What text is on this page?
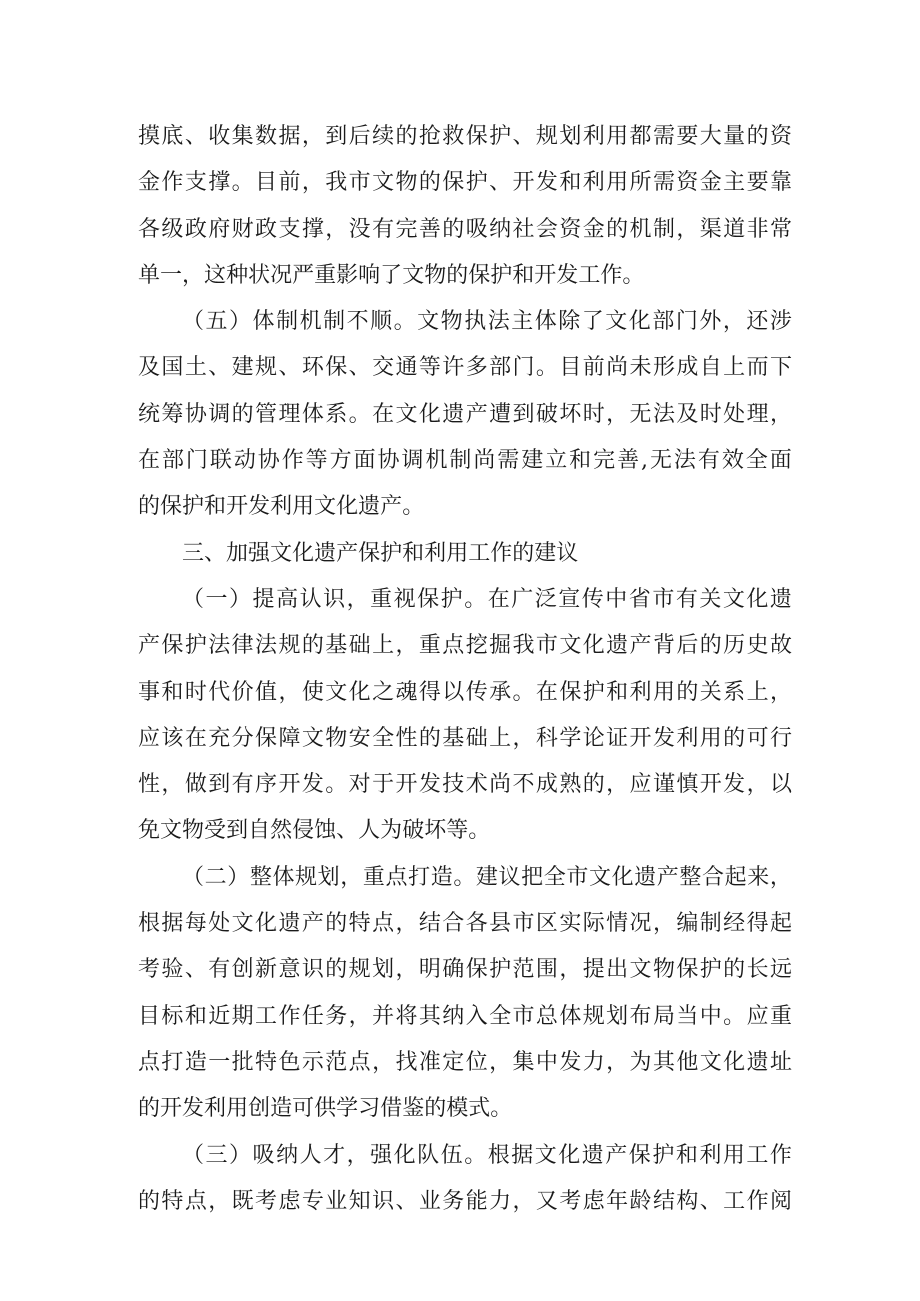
摸 底 、 收 集 数 据 ， 到 后 续 的 抢 救 保 护 、 规 划 利 用 都 需 要 大 量 的 资
金 作 支 撑 。 目 前 ， 我 市 文 物 的 保 护 、 开 发 和 利 用 所 需 资 金 主 要 靠
各 级 政 府 财 政 支 撑 ， 没 有 完 善 的 吸 纳 社 会 资 金 的 机 制 ， 渠 道 非 常
单 一 ， 这 种 状 况 严 重 影 响 了 文 物 的 保 护 和 开 发 工 作 。
（ 五 ） 体 制 机 制 不 顺 。 文 物 执 法 主 体 除 了 文 化 部 门 外 ， 还 涉
及 国 土 、 建 规 、 环 保 、 交 通 等 许 多 部 门 。 目 前 尚 未 形 成 自 上 而 下
统 筹 协 调 的 管 理 体 系 。 在 文 化 遗 产 遭 到 破 坏 时 ， 无 法 及 时 处 理 ，
在 部 门 联 动 协 作 等 方 面 协 调 机 制 尚 需 建 立 和 完 善 , 无 法 有 效 全 面
的 保 护 和 开 发 利 用 文 化 遗 产 。
三 、 加 强 文 化 遗 产 保 护 和 利 用 工 作 的 建 议
（ 一 ） 提 高 认 识 ， 重 视 保 护 。 在 广 泛 宣 传 中 省 市 有 关 文 化 遗
产 保 护 法 律 法 规 的 基 础 上 ， 重 点 挖 掘 我 市 文 化 遗 产 背 后 的 历 史 故
事 和 时 代 价 值 ， 使 文 化 之 魂 得 以 传 承 。 在 保 护 和 利 用 的 关 系 上 ，
应 该 在 充 分 保 障 文 物 安 全 性 的 基 础 上 ， 科 学 论 证 开 发 利 用 的 可 行
性 ， 做 到 有 序 开 发 。 对 于 开 发 技 术 尚 不 成 熟 的 ， 应 谨 慎 开 发 ， 以
免 文 物 受 到 自 然 侵 蚀 、 人 为 破 坏 等 。
（ 二 ） 整 体 规 划 ， 重 点 打 造 。 建 议 把 全 市 文 化 遗 产 整 合 起 来 ，
根 据 每 处 文 化 遗 产 的 特 点 ， 结 合 各 县 市 区 实 际 情 况 ， 编 制 经 得 起
考 验 、 有 创 新 意 识 的 规 划 ， 明 确 保 护 范 围 ， 提 出 文 物 保 护 的 长 远
目 标 和 近 期 工 作 任 务 ， 并 将 其 纳 入 全 市 总 体 规 划 布 局 当 中 。 应 重
点 打 造 一 批 特 色 示 范 点 ， 找 准 定 位 ， 集 中 发 力 ， 为 其 他 文 化 遗 址
的 开 发 利 用 创 造 可 供 学 习 借 鉴 的 模 式 。
（ 三 ） 吸 纳 人 才 ， 强 化 队 伍 。 根 据 文 化 遗 产 保 护 和 利 用 工 作
的 特 点 ， 既 考 虑 专 业 知 识 、 业 务 能 力 ， 又 考 虑 年 龄 结 构 、 工 作 阅
